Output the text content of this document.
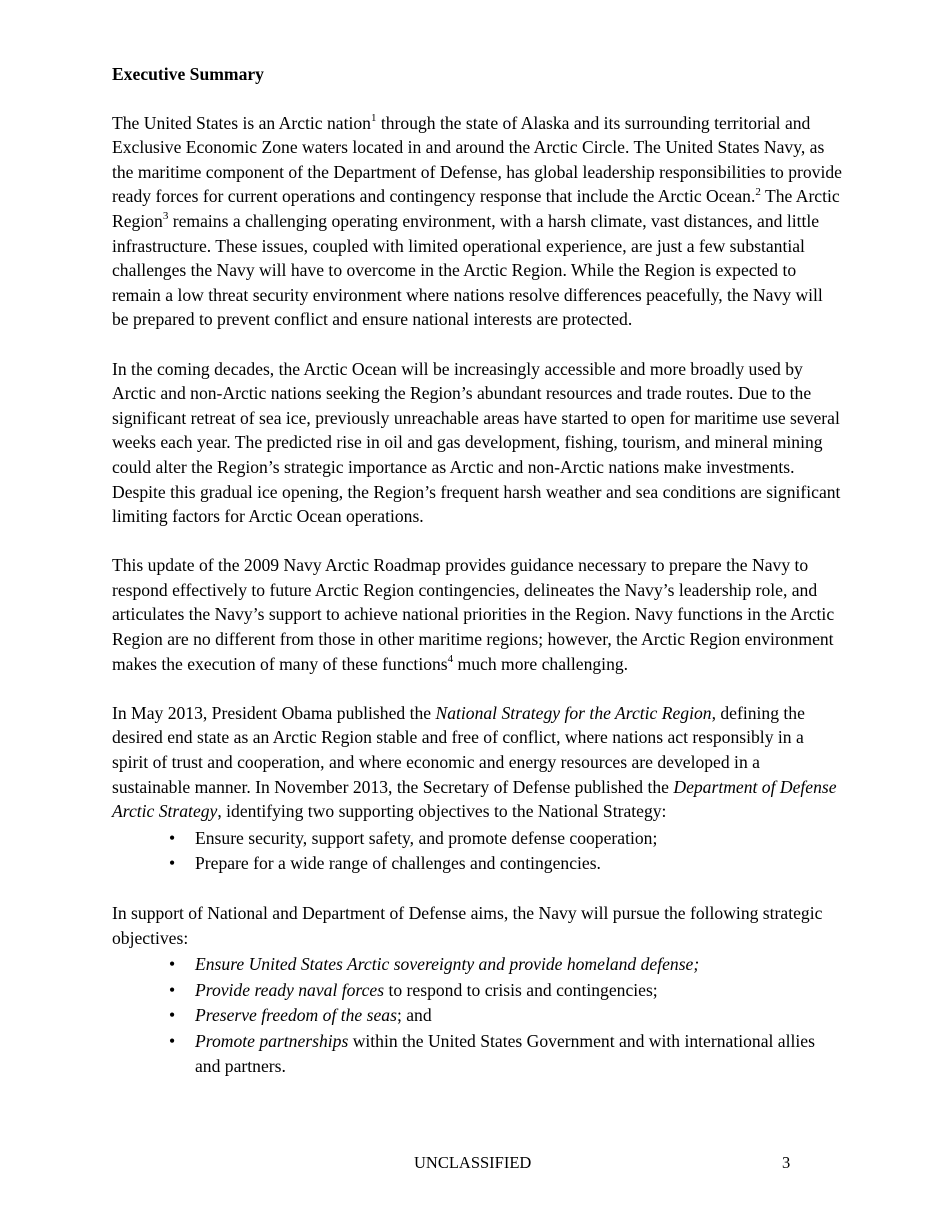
Executive Summary

The United States is an Arctic nation$^1$ through the state of Alaska and its surrounding territorial and Exclusive Economic Zone waters located in and around the Arctic Circle. The United States Navy, as the maritime component of the Department of Defense, has global leadership responsibilities to provide ready forces for current operations and contingency response that include the Arctic Ocean.$^2$ The Arctic Region$^3$ remains a challenging operating environment, with a harsh climate, vast distances, and little infrastructure. These issues, coupled with limited operational experience, are just a few substantial challenges the Navy will have to overcome in the Arctic Region. While the Region is expected to remain a low threat security environment where nations resolve differences peacefully, the Navy will be prepared to prevent conflict and ensure national interests are protected.

In the coming decades, the Arctic Ocean will be increasingly accessible and more broadly used by Arctic and non-Arctic nations seeking the Region’s abundant resources and trade routes. Due to the significant retreat of sea ice, previously unreachable areas have started to open for maritime use several weeks each year. The predicted rise in oil and gas development, fishing, tourism, and mineral mining could alter the Region’s strategic importance as Arctic and non-Arctic nations make investments. Despite this gradual ice opening, the Region’s frequent harsh weather and sea conditions are significant limiting factors for Arctic Ocean operations.

This update of the 2009 Navy Arctic Roadmap provides guidance necessary to prepare the Navy to respond effectively to future Arctic Region contingencies, delineates the Navy’s leadership role, and articulates the Navy’s support to achieve national priorities in the Region. Navy functions in the Arctic Region are no different from those in other maritime regions; however, the Arctic Region environment makes the execution of many of these functions$^4$ much more challenging.

In May 2013, President Obama published the National Strategy for the Arctic Region, defining the desired end state as an Arctic Region stable and free of conflict, where nations act responsibly in a spirit of trust and cooperation, and where economic and energy resources are developed in a sustainable manner. In November 2013, the Secretary of Defense published the Department of Defense Arctic Strategy, identifying two supporting objectives to the National Strategy:

• Ensure security, support safety, and promote defense cooperation;
• Prepare for a wide range of challenges and contingencies.

In support of National and Department of Defense aims, the Navy will pursue the following strategic objectives:

• Ensure United States Arctic sovereignty and provide homeland defense;
• Provide ready naval forces to respond to crisis and contingencies;
• Preserve freedom of the seas; and
• Promote partnerships within the United States Government and with international allies and partners.
UNCLASSIFIED	3
